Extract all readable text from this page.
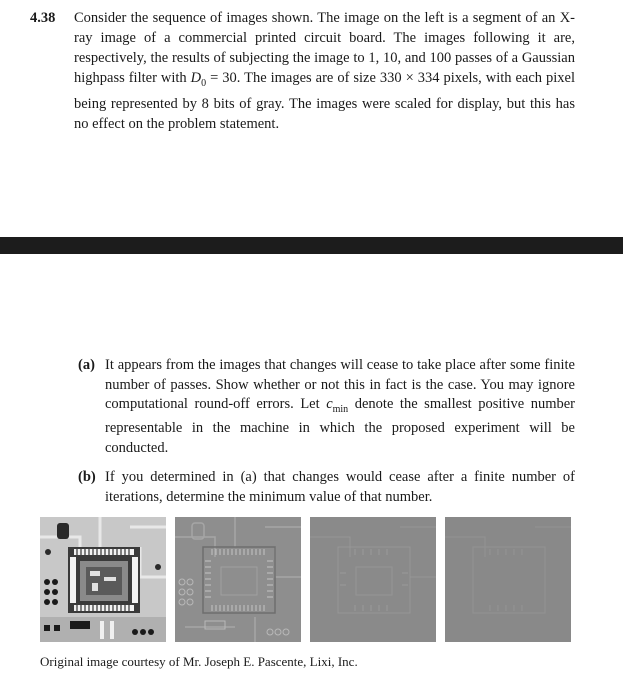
4.38 Consider the sequence of images shown. The image on the left is a segment of an X-ray image of a commercial printed circuit board. The images following it are, respectively, the results of subjecting the image to 1, 10, and 100 passes of a Gaussian highpass filter with $D_0 = 30$. The images are of size 330 × 334 pixels, with each pixel being represented by 8 bits of gray. The images were scaled for display, but this has no effect on the problem statement.
(a) It appears from the images that changes will cease to take place after some finite number of passes. Show whether or not this in fact is the case. You may ignore computational round-off errors. Let $c_{min}$ denote the smallest positive number representable in the machine in which the proposed experiment will be conducted.
(b) If you determined in (a) that changes would cease after a finite number of iterations, determine the minimum value of that number.
Original image courtesy of Mr. Joseph E. Pascente, Lixi, Inc.
